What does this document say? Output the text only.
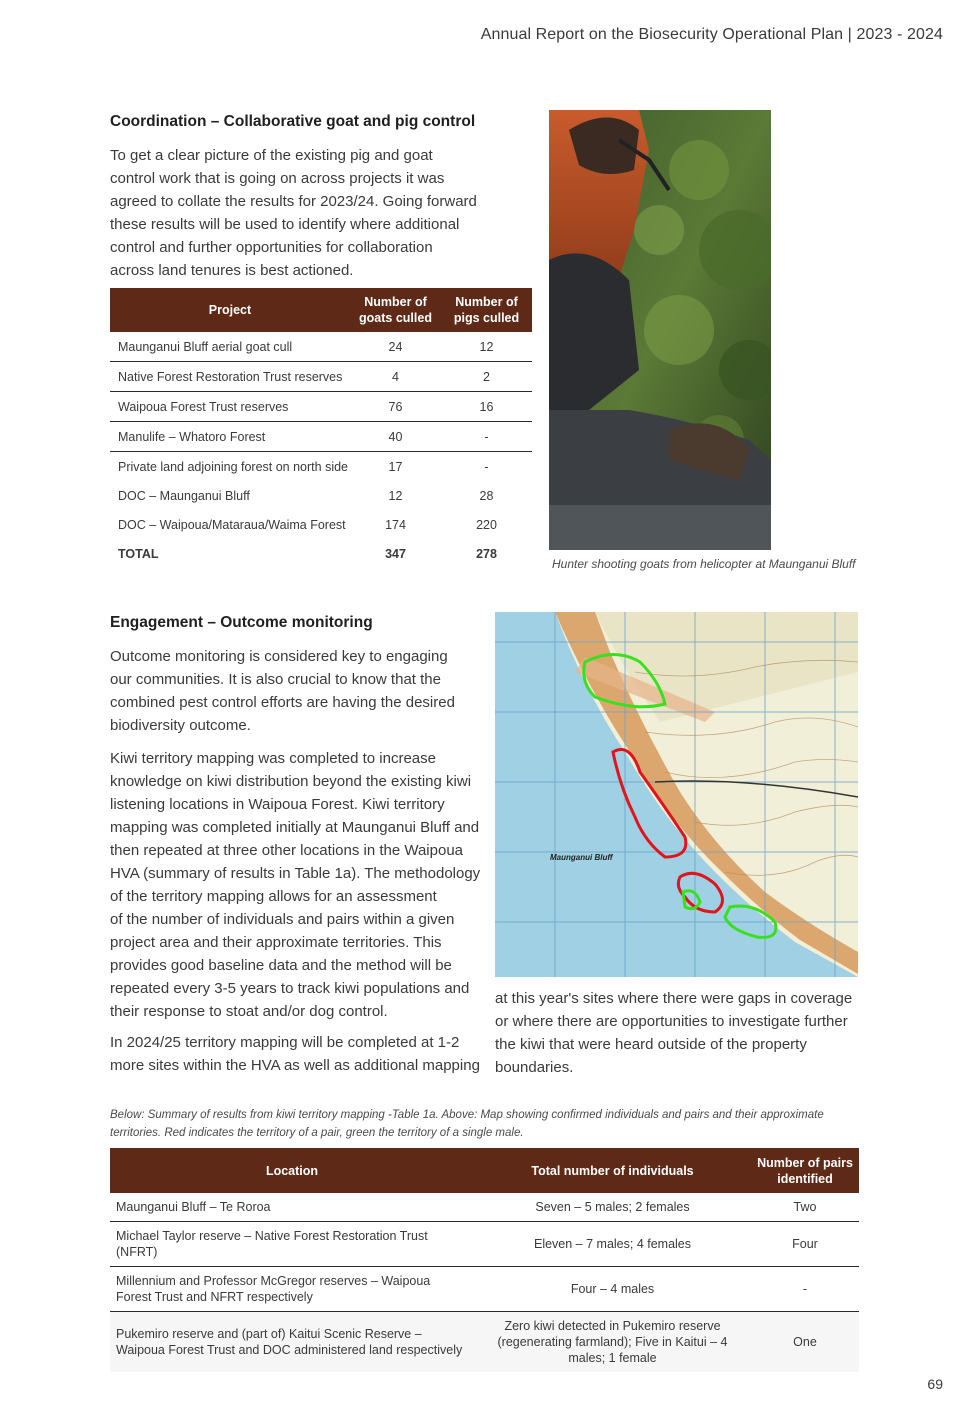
Annual Report on the Biosecurity Operational Plan | 2023 - 2024
Coordination – Collaborative goat and pig control
To get a clear picture of the existing pig and goat
control work that is going on across projects it was
agreed to collate the results for 2023/24. Going forward
these results will be used to identify where additional
control and further opportunities for collaboration
across land tenures is best actioned.
Project	Number of goats culled	Number of pigs culled
Maunganui Bluff aerial goat cull	24	12
Native Forest Restoration Trust reserves	4	2
Waipoua Forest Trust reserves	76	16
Manulife – Whatoro Forest	40	-
Private land adjoining forest on north side	17	-
DOC – Maunganui Bluff	12	28
DOC – Waipoua/Mataraua/Waima Forest	174	220
TOTAL	347	278
Hunter shooting goats from helicopter at Maunganui Bluff
Engagement – Outcome monitoring
Outcome monitoring is considered key to engaging
our communities. It is also crucial to know that the
combined pest control efforts are having the desired
biodiversity outcome.
Kiwi territory mapping was completed to increase
knowledge on kiwi distribution beyond the existing kiwi
listening locations in Waipoua Forest. Kiwi territory
mapping was completed initially at Maunganui Bluff and
then repeated at three other locations in the Waipoua
HVA (summary of results in Table 1a). The methodology
of the territory mapping allows for an assessment
of the number of individuals and pairs within a given
project area and their approximate territories. This
provides good baseline data and the method will be
repeated every 3-5 years to track kiwi populations and
their response to stoat and/or dog control.
In 2024/25 territory mapping will be completed at 1-2
more sites within the HVA as well as additional mapping
at this year's sites where there were gaps in coverage
or where there are opportunities to investigate further
the kiwi that were heard outside of the property
boundaries.
Maunganui Bluff
Below: Summary of results from kiwi territory mapping -Table 1a. Above: Map showing confirmed individuals and pairs and their approximate
territories. Red indicates the territory of a pair, green the territory of a single male.
Location	Total number of individuals	Number of pairs identified
Maunganui Bluff – Te Roroa	Seven – 5 males; 2 females	Two
Michael Taylor reserve – Native Forest Restoration Trust (NFRT)	Eleven – 7 males; 4 females	Four
Millennium and Professor McGregor reserves – Waipoua Forest Trust and NFRT respectively	Four – 4 males	-
Pukemiro reserve and (part of) Kaitui Scenic Reserve – Waipoua Forest Trust and DOC administered land respectively	Zero kiwi detected in Pukemiro reserve (regenerating farmland); Five in Kaitui – 4 males; 1 female	One
69
